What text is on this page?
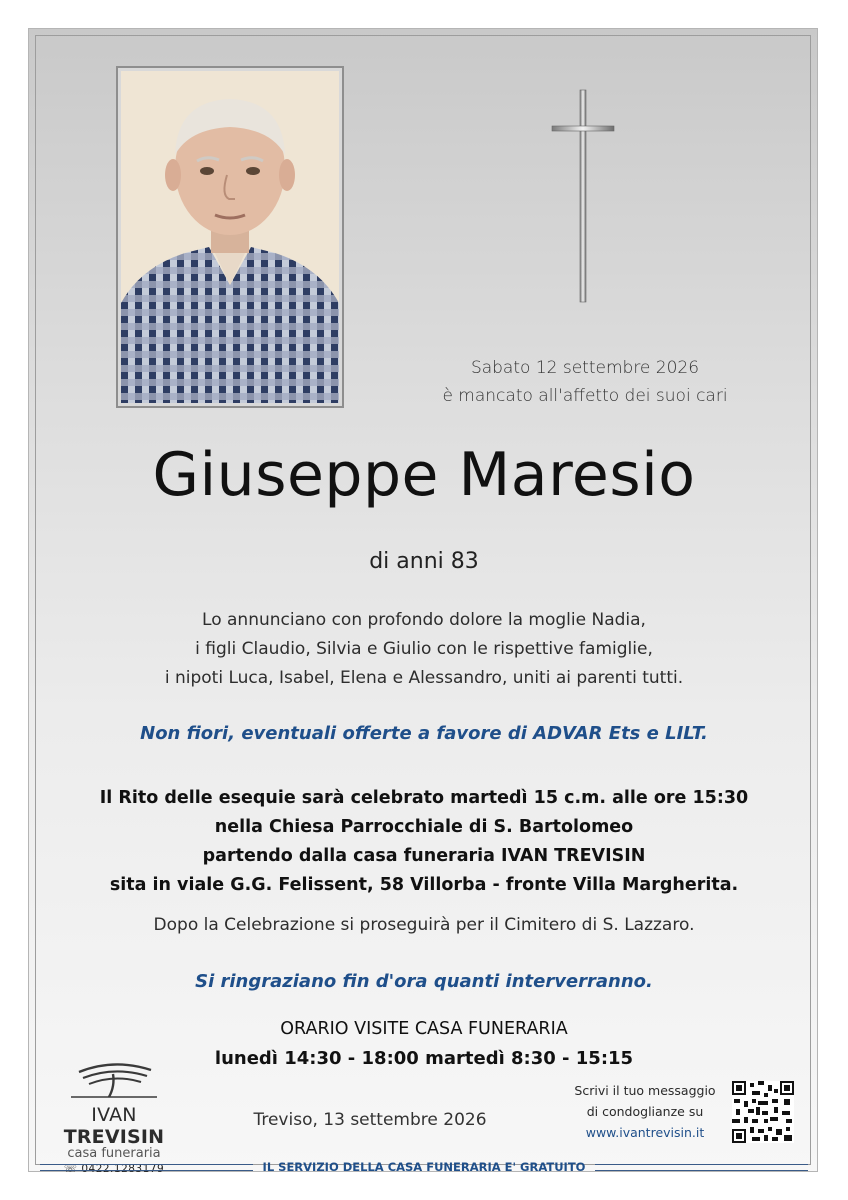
Sabato 12 settembre 2026
è mancato all'affetto dei suoi cari
Giuseppe Maresio
di anni 83
Lo annunciano con profondo dolore la moglie Nadia,
i figli Claudio, Silvia e Giulio con le rispettive famiglie,
i nipoti Luca, Isabel, Elena e Alessandro, uniti ai parenti tutti.
Non fiori, eventuali offerte a favore di ADVAR Ets e LILT.
Il Rito delle esequie sarà celebrato martedì 15 c.m. alle ore 15:30
nella Chiesa Parrocchiale di S. Bartolomeo
partendo dalla casa funeraria IVAN TREVISIN
sita in viale G.G. Felissent, 58 Villorba - fronte Villa Margherita.
Dopo la Celebrazione si proseguirà per il Cimitero di S. Lazzaro.
Si ringraziano fin d'ora quanti interverranno.
ORARIO VISITE CASA FUNERARIA
lunedì 14:30 - 18:00 martedì 8:30 - 15:15
IVAN TREVISIN
casa funeraria
☏ 0422.1283179
Treviso, 13 settembre 2026
Scrivi il tuo messaggio
di condoglianze su
www.ivantrevisin.it
IL SERVIZIO DELLA CASA FUNERARIA E' GRATUITO
